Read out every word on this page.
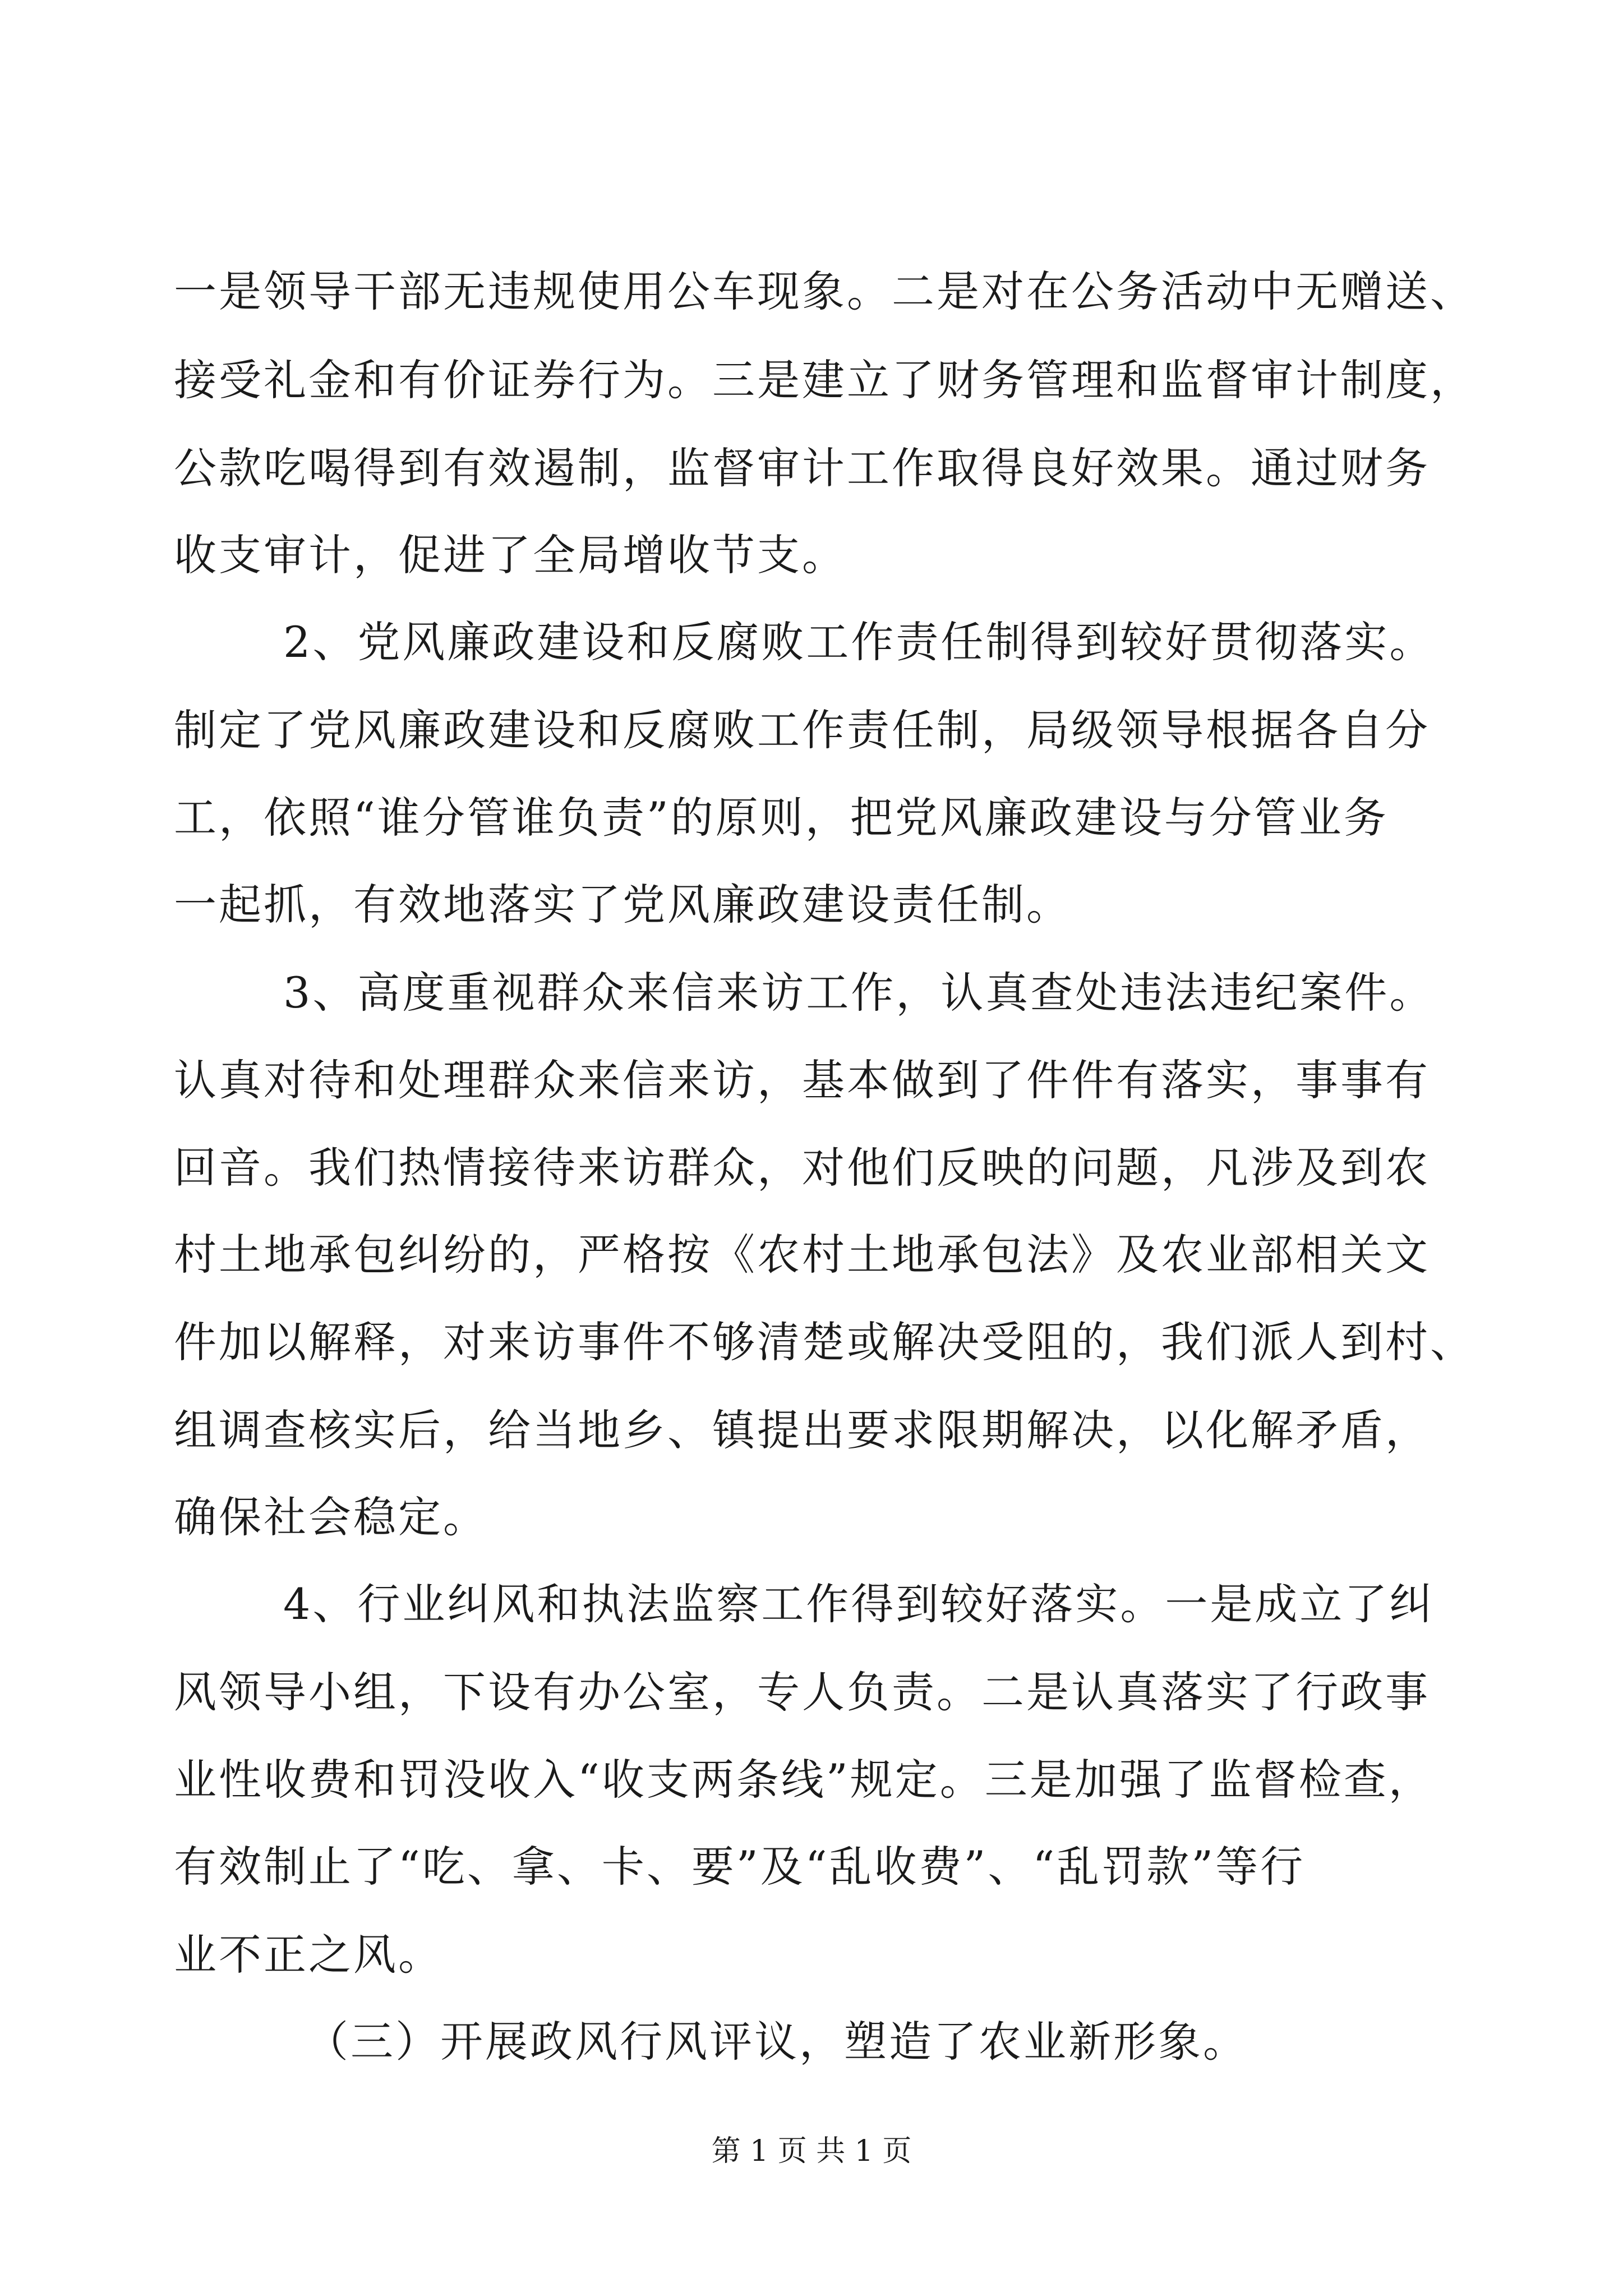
一是领导干部无违规使用公车现象。二是对在公务活动中无赠送、
接受礼金和有价证券行为。三是建立了财务管理和监督审计制度，
公款吃喝得到有效遏制，监督审计工作取得良好效果。通过财务
收支审计，促进了全局增收节支。
2、党风廉政建设和反腐败工作责任制得到较好贯彻落实。
制定了党风廉政建设和反腐败工作责任制，局级领导根据各自分
工，依照“谁分管谁负责”的原则，把党风廉政建设与分管业务
一起抓，有效地落实了党风廉政建设责任制。
3、高度重视群众来信来访工作，认真查处违法违纪案件。
认真对待和处理群众来信来访，基本做到了件件有落实，事事有
回音。我们热情接待来访群众，对他们反映的问题，凡涉及到农
村土地承包纠纷的，严格按《农村土地承包法》及农业部相关文
件加以解释，对来访事件不够清楚或解决受阻的，我们派人到村、
组调查核实后，给当地乡、镇提出要求限期解决，以化解矛盾，
确保社会稳定。
4、行业纠风和执法监察工作得到较好落实。一是成立了纠
风领导小组，下设有办公室，专人负责。二是认真落实了行政事
业性收费和罚没收入“收支两条线”规定。三是加强了监督检查，
有效制止了“吃、拿、卡、要”及“乱收费”、“乱罚款”等行
业不正之风。
（三）开展政风行风评议，塑造了农业新形象。
第 1 页 共 1 页
